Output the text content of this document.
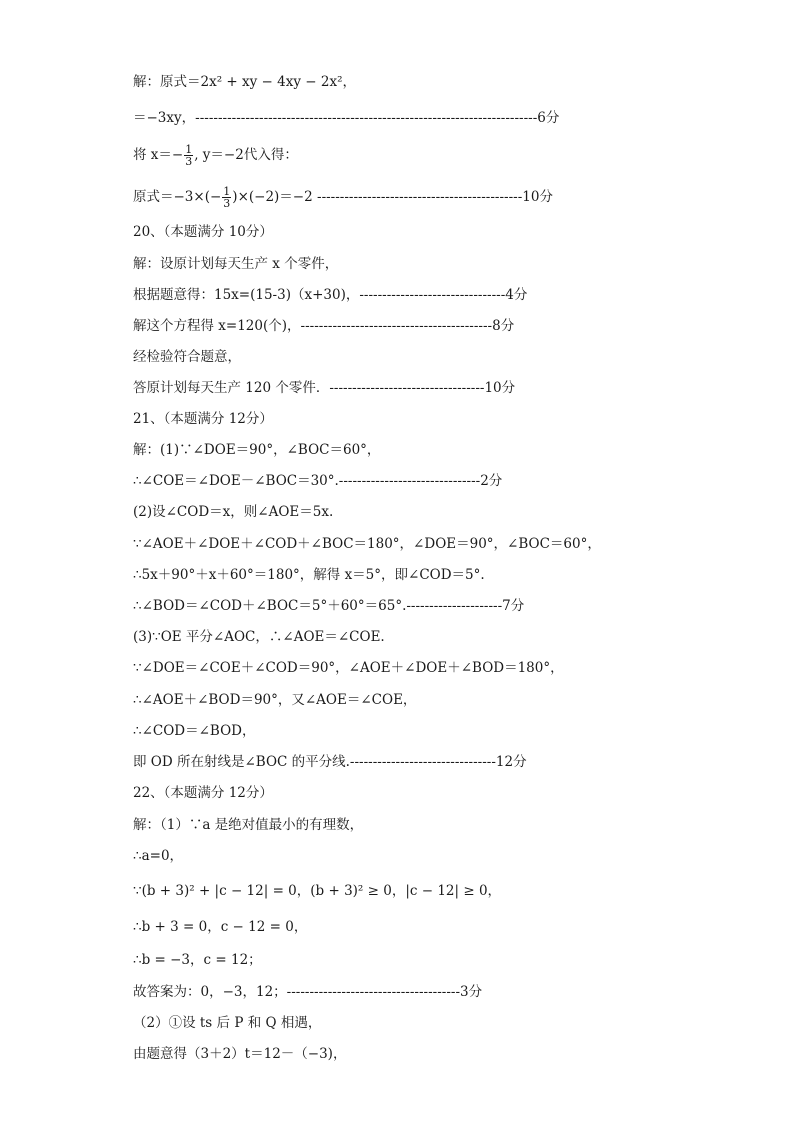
解：原式＝2x² + xy − 4xy − 2x²，
＝−3xy，---------------------------------------------------------------------------6分
将 $x=- \frac{1}{3}$ , y＝−2代入得：
原式$=-3\times(- \frac{1}{3} )\times(-2)=-2$ ---------------------------------------------10分
20、（本题满分 10分）
解：设原计划每天生产 x 个零件，
根据题意得：15x=(15-3)（x+30)，--------------------------------4分
解这个方程得 x=120(个)，------------------------------------------8分
经检验符合题意，
答原计划每天生产 120 个零件．----------------------------------10分
21、（本题满分 12分）
解：(1)∵∠DOE＝90°，∠BOC＝60°，
∴∠COE＝∠DOE－∠BOC＝30°.-------------------------------2分
(2)设∠COD＝x，则∠AOE＝5x.
∵∠AOE＋∠DOE＋∠COD＋∠BOC＝180°，∠DOE＝90°，∠BOC＝60°，
∴5x＋90°＋x＋60°＝180°，解得 x＝5°，即∠COD＝5°.
∴∠BOD＝∠COD＋∠BOC＝5°＋60°＝65°.---------------------7分
(3)∵OE 平分∠AOC，∴∠AOE＝∠COE.
∵∠DOE＝∠COE＋∠COD＝90°，∠AOE＋∠DOE＋∠BOD＝180°，
∴∠AOE＋∠BOD＝90°，又∠AOE＝∠COE，
∴∠COD＝∠BOD，
即 OD 所在射线是∠BOC 的平分线.--------------------------------12分
22、（本题满分 12分）
解：（1）∵a 是绝对值最小的有理数，
∴a=0，
∵(b + 3)² + |c − 12| = 0，(b + 3)² ≥ 0，|c − 12| ≥ 0，
∴b + 3 = 0，c − 12 = 0，
∴b = −3，c = 12；
故答案为：0，−3，12；--------------------------------------3分
（2）①设 ts 后 P 和 Q 相遇，
由题意得（3＋2）t＝12－（−3)，
